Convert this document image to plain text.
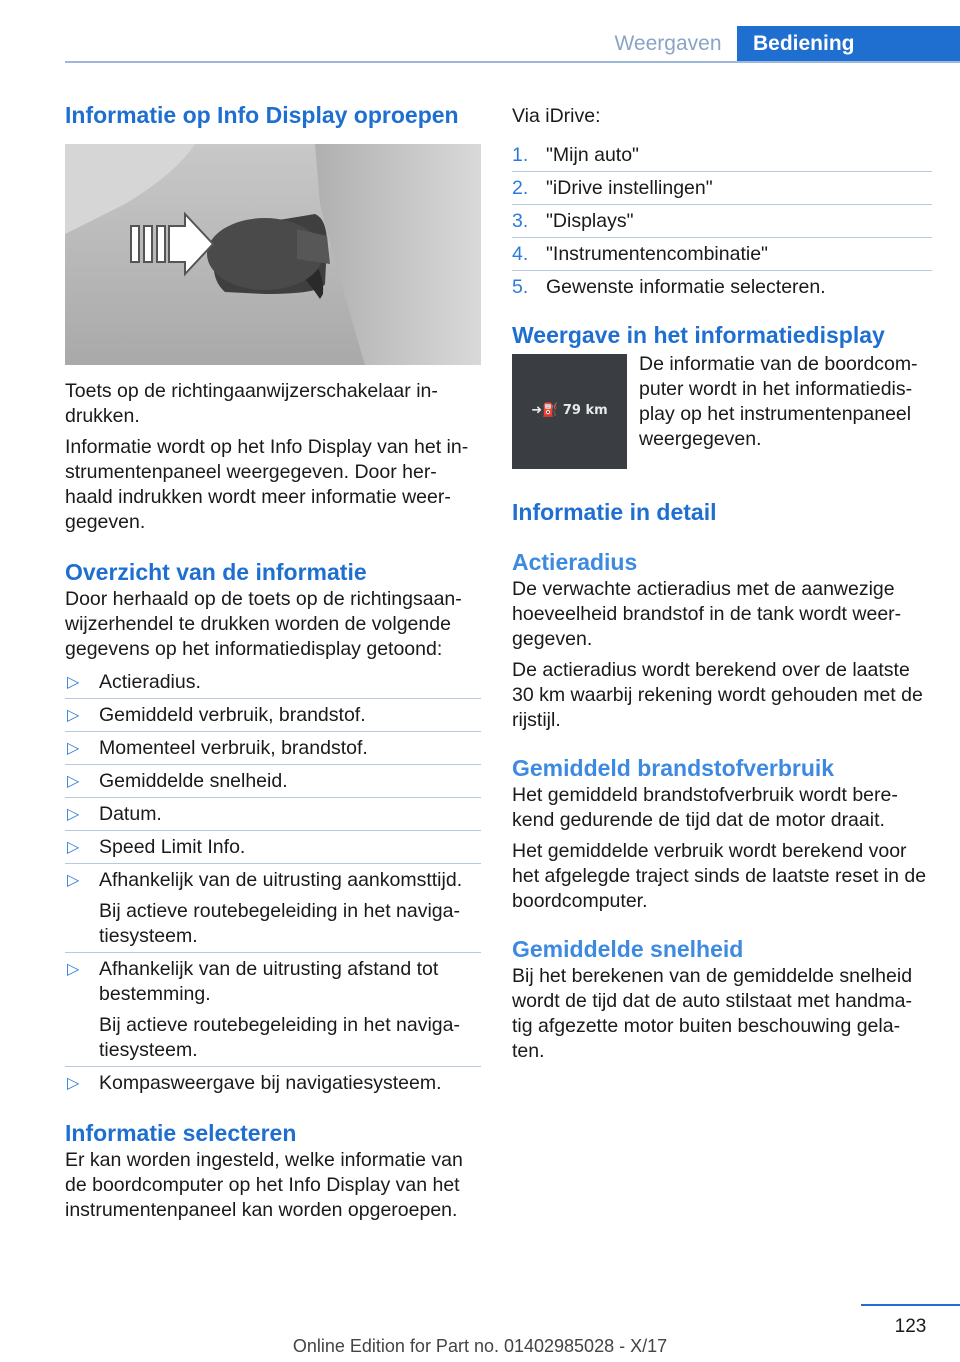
Weergaven	Bediening
Informatie op Info Display oproepen

Toets op de richtingaanwijzerschakelaar in-drukken.

Informatie wordt op het Info Display van het in-strumentenpaneel weergegeven. Door her-haald indrukken wordt meer informatie weer-gegeven.

Overzicht van de informatie

Door herhaald op de toets op de richtingsaan-wijzerhendel te drukken worden de volgende gegevens op het informatiedisplay getoond:

▷ Actieradius.
▷ Gemiddeld verbruik, brandstof.
▷ Momenteel verbruik, brandstof.
▷ Gemiddelde snelheid.
▷ Datum.
▷ Speed Limit Info.
▷ Afhankelijk van de uitrusting aankomsttijd.
Bij actieve routebegeleiding in het naviga-tiesysteem.
▷ Afhankelijk van de uitrusting afstand tot bestemming.
Bij actieve routebegeleiding in het naviga-tiesysteem.
▷ Kompasweergave bij navigatiesysteem.
Informatie selecteren

Er kan worden ingesteld, welke informatie van de boordcomputer op het Info Display van het instrumentenpaneel kan worden opgeroepen.

Via iDrive:

1. "Mijn auto"
2. "iDrive instellingen"
3. "Displays"
4. "Instrumentencombinatie"
5. Gewenste informatie selecteren.
Weergave in het informatiedisplay
➜⛽ 79 km

De informatie van de boordcom-puter wordt in het informatiedis-play op het instrumentenpaneel weergegeven.

Informatie in detail
Actieradius

De verwachte actieradius met de aanwezige hoeveelheid brandstof in de tank wordt weer-gegeven.

De actieradius wordt berekend over de laatste 30 km waarbij rekening wordt gehouden met de rijstijl.

Gemiddeld brandstofverbruik

Het gemiddeld brandstofverbruik wordt bere-kend gedurende de tijd dat de motor draait.

Het gemiddelde verbruik wordt berekend voor het afgelegde traject sinds de laatste reset in de boordcomputer.

Gemiddelde snelheid

Bij het berekenen van de gemiddelde snelheid wordt de tijd dat de auto stilstaat met handma-tig afgezette motor buiten beschouwing gela-ten.

123
Online Edition for Part no. 01402985028 - X/17
